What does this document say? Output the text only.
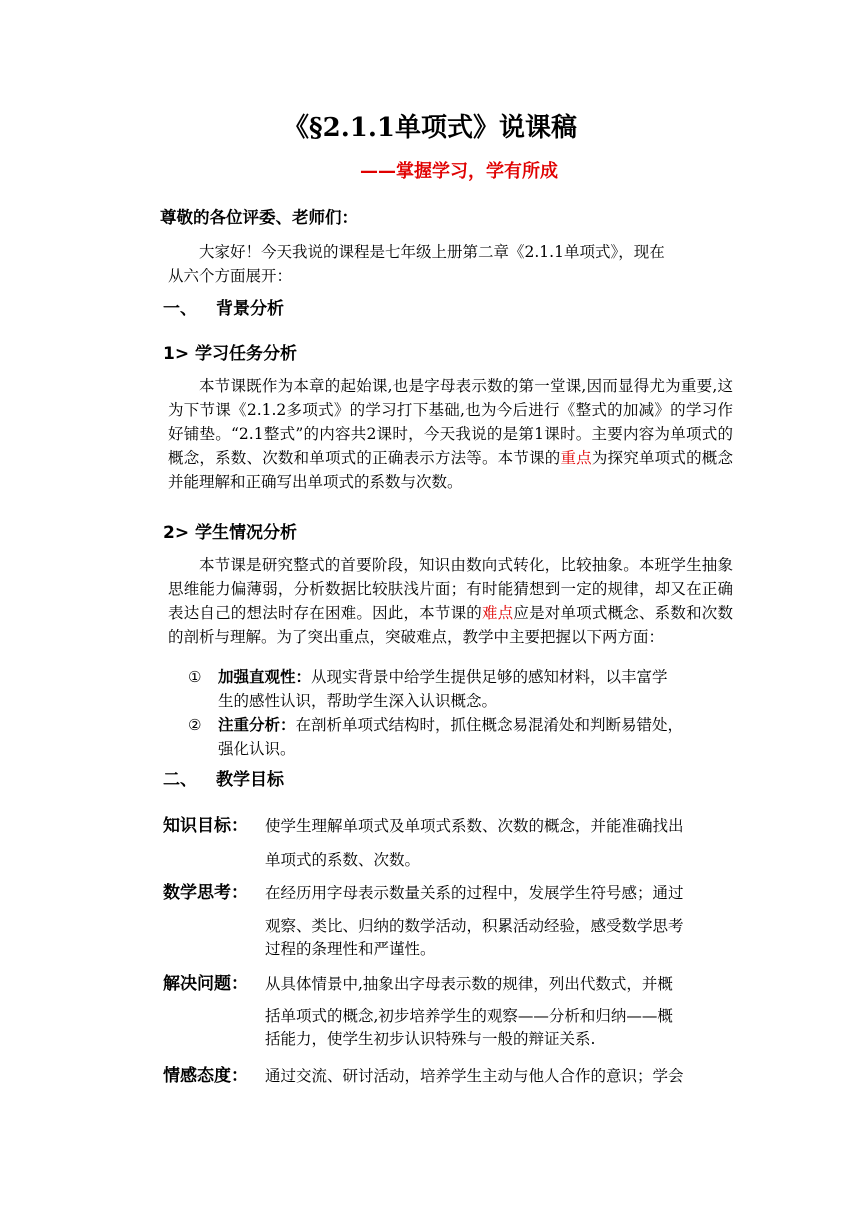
《§2.1.1单项式》说课稿
——掌握学习，学有所成
尊敬的各位评委、老师们：
大家好！今天我说的课程是七年级上册第二章《2.1.1单项式》，现在
从六个方面展开：
一、 背景分析
1> 学习任务分析
本节课既作为本章的起始课,也是字母表示数的第一堂课,因而显得尤为重要,这为下节课《2.1.2多项式》的学习打下基础,也为今后进行《整式的加减》的学习作好铺垫。“2.1整式”的内容共2课时，今天我说的是第1课时。主要内容为单项式的概念，系数、次数和单项式的正确表示方法等。本节课的重点为探究单项式的概念并能理解和正确写出单项式的系数与次数。
2> 学生情况分析
本节课是研究整式的首要阶段，知识由数向式转化，比较抽象。本班学生抽象思维能力偏薄弱，分析数据比较肤浅片面；有时能猜想到一定的规律，却又在正确表达自己的想法时存在困难。因此，本节课的难点应是对单项式概念、系数和次数的剖析与理解。为了突出重点，突破难点，教学中主要把握以下两方面：
① 加强直观性：从现实背景中给学生提供足够的感知材料，以丰富学
生的感性认识，帮助学生深入认识概念。
② 注重分析：在剖析单项式结构时，抓住概念易混淆处和判断易错处，
强化认识。
二、 教学目标
知识目标： 使学生理解单项式及单项式系数、次数的概念，并能准确找出
单项式的系数、次数。
数学思考： 在经历用字母表示数量关系的过程中，发展学生符号感；通过
观察、类比、归纳的数学活动，积累活动经验，感受数学思考
过程的条理性和严谨性。
解决问题： 从具体情景中,抽象出字母表示数的规律，列出代数式，并概
括单项式的概念,初步培养学生的观察——分析和归纳——概
括能力，使学生初步认识特殊与一般的辩证关系.
情感态度： 通过交流、研讨活动，培养学生主动与他人合作的意识；学会
